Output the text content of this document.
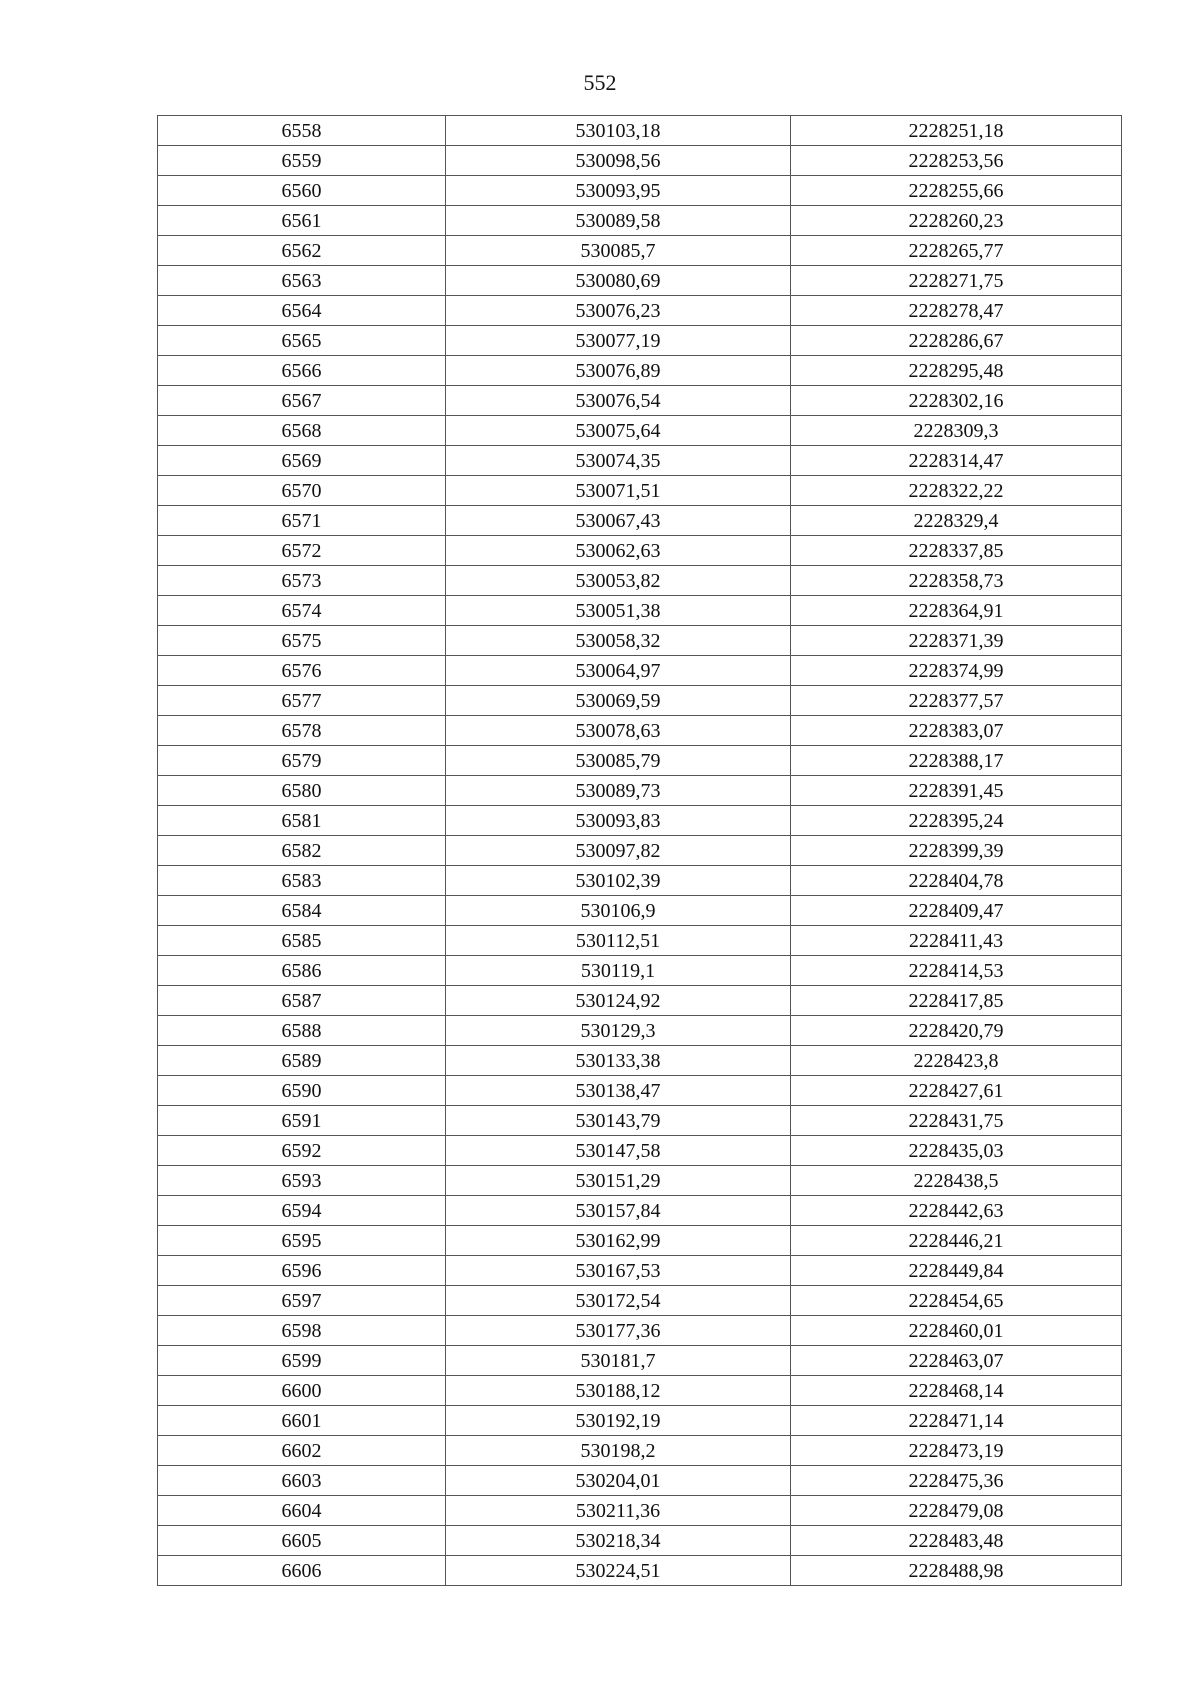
552
6558	530103,18	2228251,18
6559	530098,56	2228253,56
6560	530093,95	2228255,66
6561	530089,58	2228260,23
6562	530085,7	2228265,77
6563	530080,69	2228271,75
6564	530076,23	2228278,47
6565	530077,19	2228286,67
6566	530076,89	2228295,48
6567	530076,54	2228302,16
6568	530075,64	2228309,3
6569	530074,35	2228314,47
6570	530071,51	2228322,22
6571	530067,43	2228329,4
6572	530062,63	2228337,85
6573	530053,82	2228358,73
6574	530051,38	2228364,91
6575	530058,32	2228371,39
6576	530064,97	2228374,99
6577	530069,59	2228377,57
6578	530078,63	2228383,07
6579	530085,79	2228388,17
6580	530089,73	2228391,45
6581	530093,83	2228395,24
6582	530097,82	2228399,39
6583	530102,39	2228404,78
6584	530106,9	2228409,47
6585	530112,51	2228411,43
6586	530119,1	2228414,53
6587	530124,92	2228417,85
6588	530129,3	2228420,79
6589	530133,38	2228423,8
6590	530138,47	2228427,61
6591	530143,79	2228431,75
6592	530147,58	2228435,03
6593	530151,29	2228438,5
6594	530157,84	2228442,63
6595	530162,99	2228446,21
6596	530167,53	2228449,84
6597	530172,54	2228454,65
6598	530177,36	2228460,01
6599	530181,7	2228463,07
6600	530188,12	2228468,14
6601	530192,19	2228471,14
6602	530198,2	2228473,19
6603	530204,01	2228475,36
6604	530211,36	2228479,08
6605	530218,34	2228483,48
6606	530224,51	2228488,98
